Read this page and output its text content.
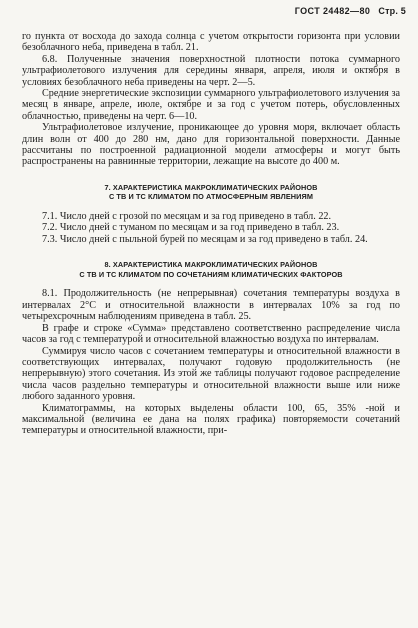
ГОСТ 24482—80 Стр. 5

го пункта от восхода до захода солнца с учетом открытости горизонта при условии безоблачного неба, приведена в табл. 21.

6.8. Полученные значения поверхностной плотности потока суммарного ультрафиолетового излучения для середины января, апреля, июля и октября в условиях безоблачного неба приведены на черт. 2—5.

Средние энергетические экспозиции суммарного ультрафиолетового излучения за месяц в январе, апреле, июле, октябре и за год с учетом потерь, обусловленных облачностью, приведены на черт. 6—10.

Ультрафиолетовое излучение, проникающее до уровня моря, включает область длин волн от 400 до 280 нм, дано для горизонтальной поверхности. Данные рассчитаны по построенной радиационной модели атмосферы и могут быть распространены на равнинные территории, лежащие на высоте до 400 м.

7. ХАРАКТЕРИСТИКА МАКРОКЛИМАТИЧЕСКИХ РАЙОНОВ
С ТВ И ТС КЛИМАТОМ ПО АТМОСФЕРНЫМ ЯВЛЕНИЯМ

7.1. Число дней с грозой по месяцам и за год приведено в табл. 22.

7.2. Число дней с туманом по месяцам и за год приведено в табл. 23.

7.3. Число дней с пыльной бурей по месяцам и за год приведено в табл. 24.

8. ХАРАКТЕРИСТИКА МАКРОКЛИМАТИЧЕСКИХ РАЙОНОВ
С ТВ И ТС КЛИМАТОМ ПО СОЧЕТАНИЯМ КЛИМАТИЧЕСКИХ ФАКТОРОВ

8.1. Продолжительность (не непрерывная) сочетания температуры воздуха в интервалах 2°С и относительной влажности в интервалах 10% за год по четырехсрочным наблюдениям приведена в табл. 25.

В графе и строке «Сумма» представлено соответственно распределение числа часов за год с температурой и относительной влажностью воздуха по интервалам.

Суммируя число часов с сочетанием температуры и относительной влажности в соответствующих интервалах, получают годовую продолжительность (не непрерывную) этого сочетания. Из этой же таблицы получают годовое распределение числа часов раздельно температуры и относительной влажности выше или ниже любого заданного уровня.

Климатограммы, на которых выделены области 100, 65, 35% -ной и максимальной (величина ее дана на полях графика) повторяемости сочетаний температуры и относительной влажности, при-
